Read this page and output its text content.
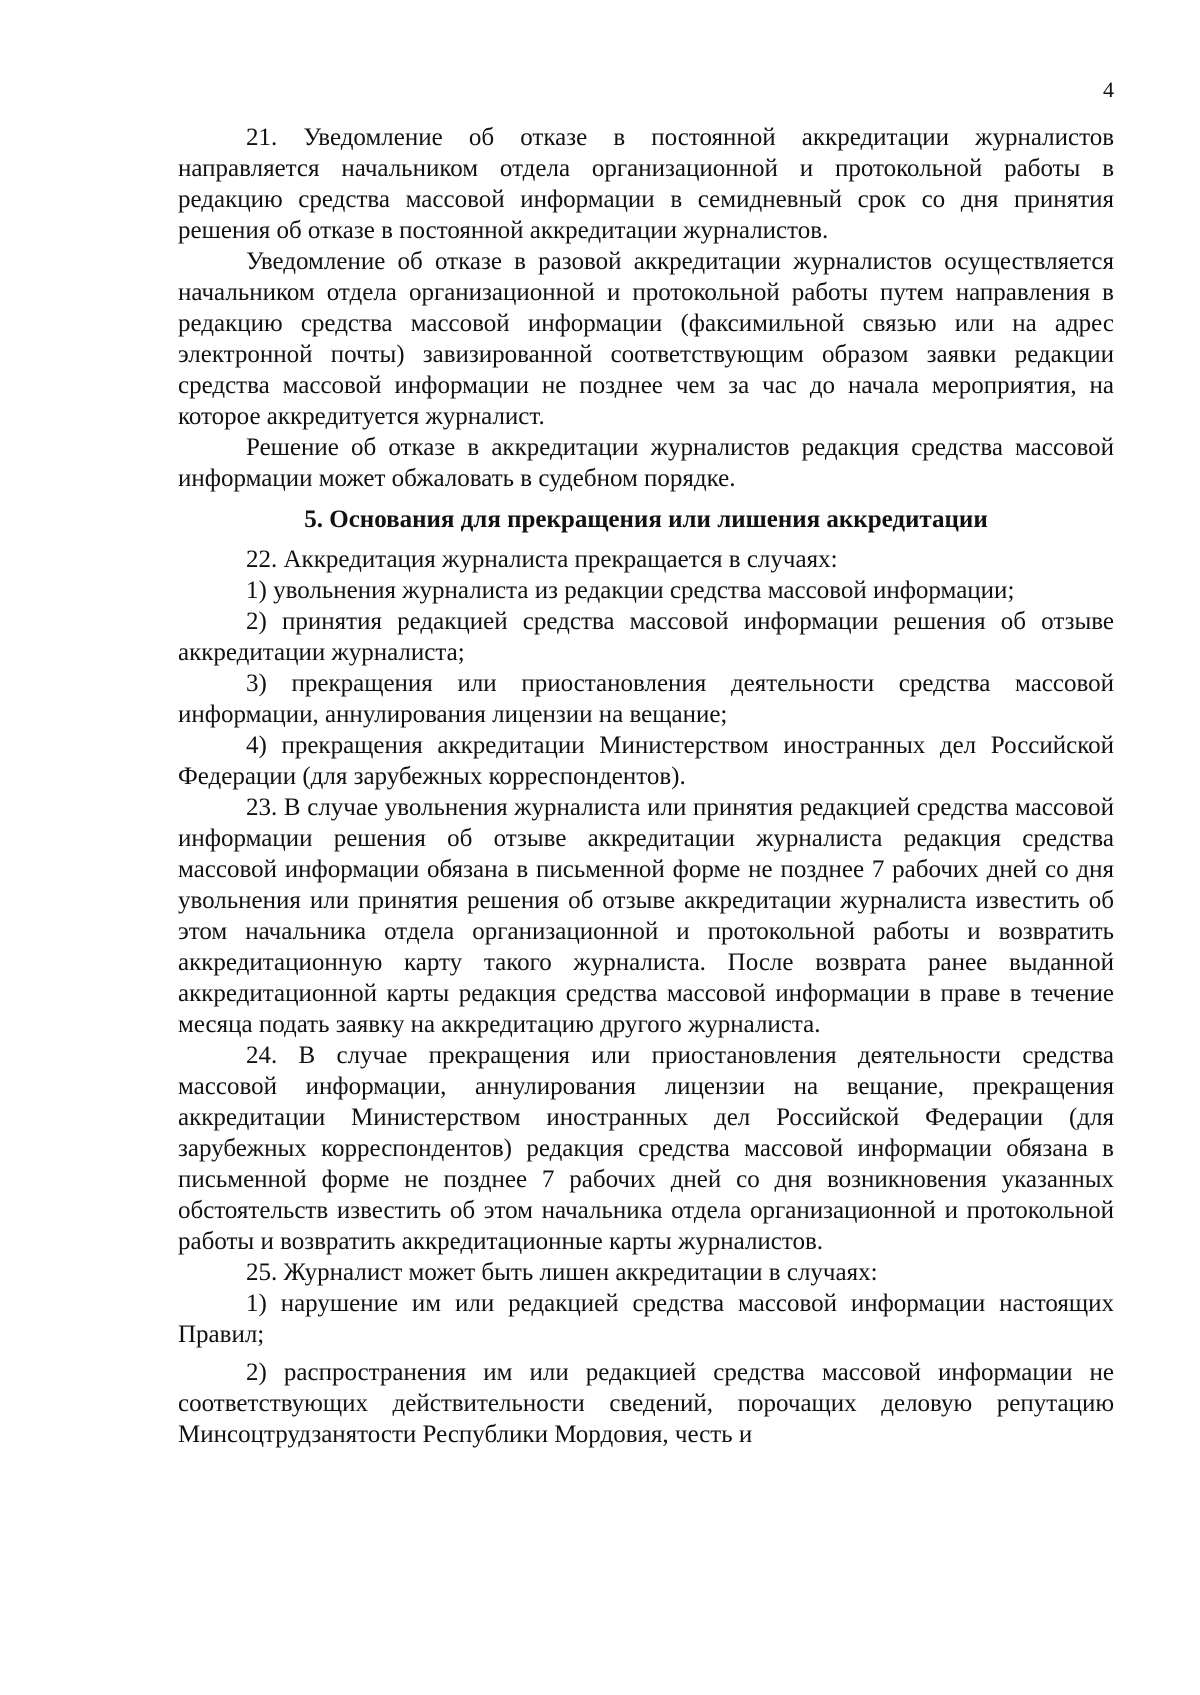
4

21. Уведомление об отказе в постоянной аккредитации журналистов направляется начальником отдела организационной и протокольной работы в редакцию средства массовой информации в семидневный срок со дня принятия решения об отказе в постоянной аккредитации журналистов.

Уведомление об отказе в разовой аккредитации журналистов осуществляется начальником отдела организационной и протокольной работы путем направления в редакцию средства массовой информации (факсимильной связью или на адрес электронной почты) завизированной соответствующим образом заявки редакции средства массовой информации не позднее чем за час до начала мероприятия, на которое аккредитуется журналист.

Решение об отказе в аккредитации журналистов редакция средства массовой информации может обжаловать в судебном порядке.

5. Основания для прекращения или лишения аккредитации

22. Аккредитация журналиста прекращается в случаях:

1) увольнения журналиста из редакции средства массовой информации;

2) принятия редакцией средства массовой информации решения об отзыве аккредитации журналиста;

3) прекращения или приостановления деятельности средства массовой информации, аннулирования лицензии на вещание;

4) прекращения аккредитации Министерством иностранных дел Российской Федерации (для зарубежных корреспондентов).

23. В случае увольнения журналиста или принятия редакцией средства массовой информации решения об отзыве аккредитации журналиста редакция средства массовой информации обязана в письменной форме не позднее 7 рабочих дней со дня увольнения или принятия решения об отзыве аккредитации журналиста известить об этом начальника отдела организационной и протокольной работы и возвратить аккредитационную карту такого журналиста. После возврата ранее выданной аккредитационной карты редакция средства массовой информации в праве в течение месяца подать заявку на аккредитацию другого журналиста.

24. В случае прекращения или приостановления деятельности средства массовой информации, аннулирования лицензии на вещание, прекращения аккредитации Министерством иностранных дел Российской Федерации (для зарубежных корреспондентов) редакция средства массовой информации обязана в письменной форме не позднее 7 рабочих дней со дня возникновения указанных обстоятельств известить об этом начальника отдела организационной и протокольной работы и возвратить аккредитационные карты журналистов.

25. Журналист может быть лишен аккредитации в случаях:

1) нарушение им или редакцией средства массовой информации настоящих Правил;

2) распространения им или редакцией средства массовой информации не соответствующих действительности сведений, порочащих деловую репутацию Минсоцтрудзанятости Республики Мордовия, честь и
